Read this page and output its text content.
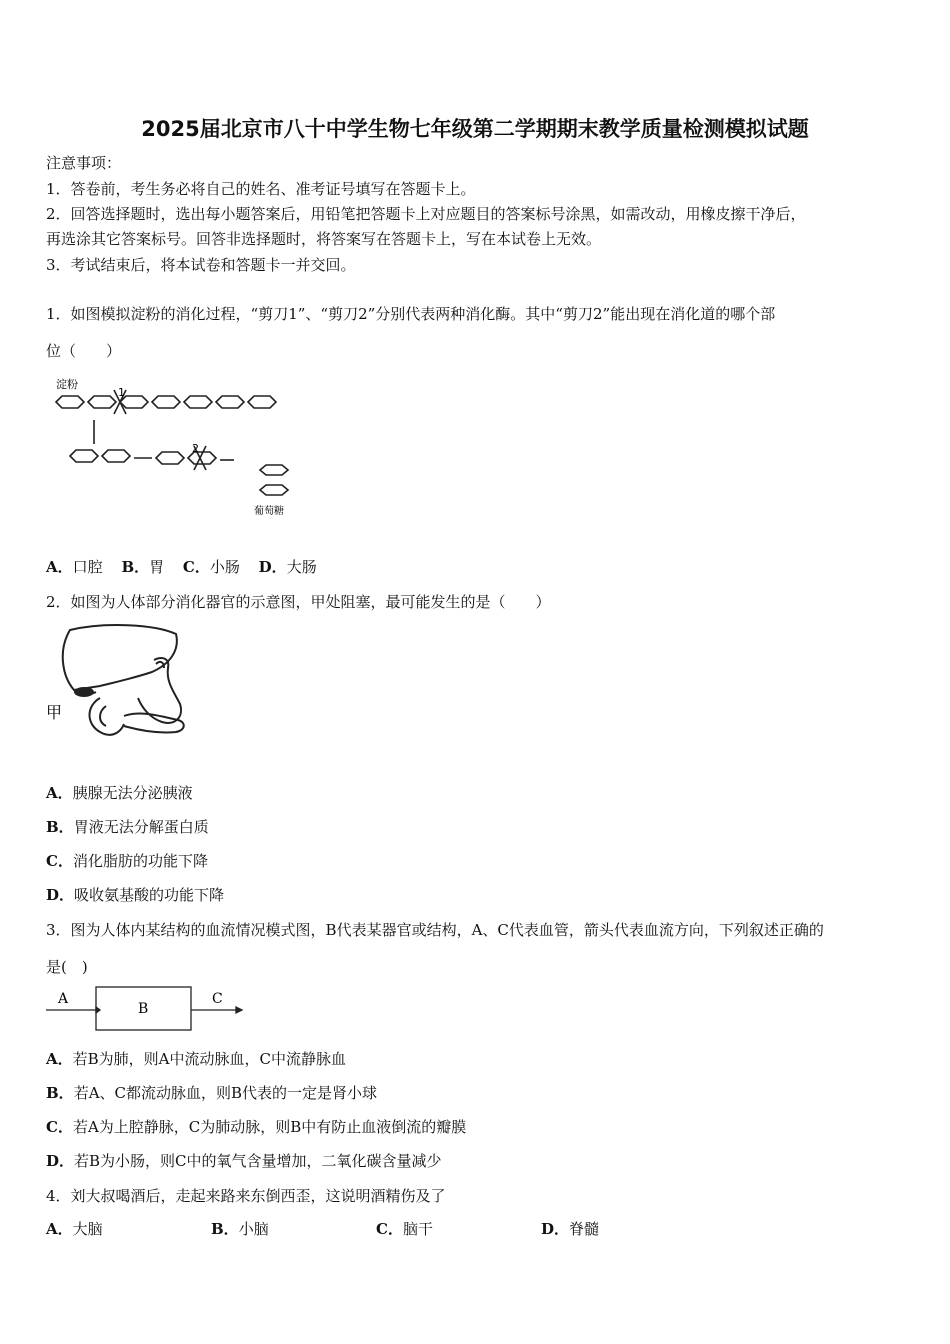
2025届北京市八十中学生物七年级第二学期期末教学质量检测模拟试题
注意事项：
1．答卷前，考生务必将自己的姓名、准考证号填写在答题卡上。
2．回答选择题时，选出每小题答案后，用铅笔把答题卡上对应题目的答案标号涂黑，如需改动，用橡皮擦干净后，
再选涂其它答案标号。回答非选择题时，将答案写在答题卡上，写在本试卷上无效。
3．考试结束后，将本试卷和答题卡一并交回。
1．如图模拟淀粉的消化过程，“剪刀1”、“剪刀2”分别代表两种消化酶。其中“剪刀2”能出现在消化道的哪个部
位（　　）
淀粉
1
2
葡萄糖
A．口腔 B．胃 C．小肠 D．大肠
2．如图为人体部分消化器官的示意图，甲处阻塞，最可能发生的是（　　）
甲
A．胰腺无法分泌胰液
B．胃液无法分解蛋白质
C．消化脂肪的功能下降
D．吸收氨基酸的功能下降
3．图为人体内某结构的血流情况模式图，B代表某器官或结构，A、C代表血管，箭头代表血流方向，下列叙述正确的
是(　)
A
B
C
A．若B为肺，则A中流动脉血，C中流静脉血
B．若A、C都流动脉血，则B代表的一定是肾小球
C．若A为上腔静脉，C为肺动脉，则B中有防止血液倒流的瓣膜
D．若B为小肠，则C中的氧气含量增加，二氧化碳含量减少
4．刘大叔喝酒后，走起来路来东倒西歪，这说明酒精伤及了
A．大脑	B．小脑	C．脑干	D．脊髓
